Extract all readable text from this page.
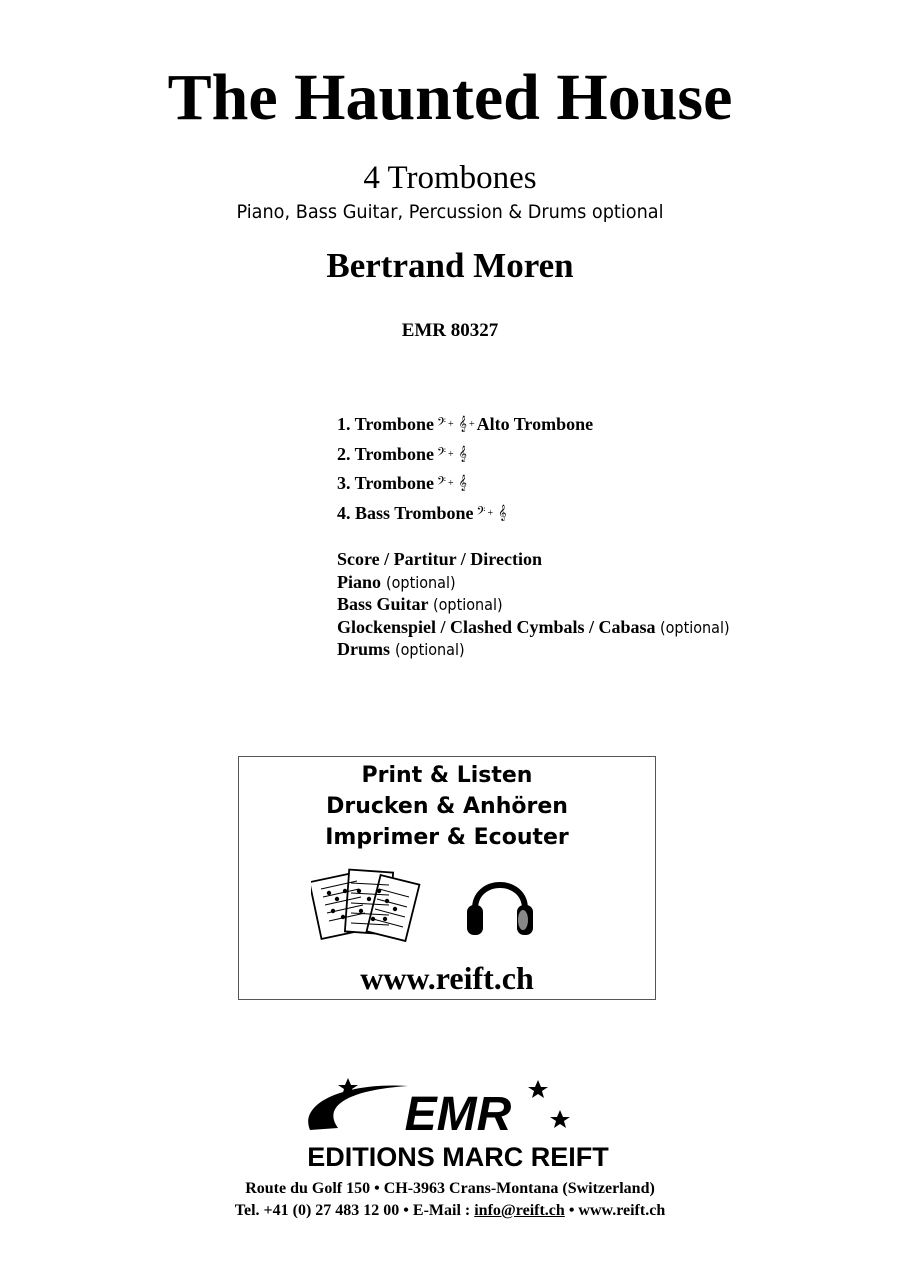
The Haunted House
4 Trombones
Piano, Bass Guitar, Percussion & Drums optional
Bertrand Moren
EMR 80327
1. Trombone 𝄢 + 𝄞 + Alto Trombone
2. Trombone 𝄢 + 𝄞
3. Trombone 𝄢 + 𝄞
4. Bass Trombone 𝄢 + 𝄞
Score / Partitur / Direction
Piano (optional)
Bass Guitar (optional)
Glockenspiel / Clashed Cymbals / Cabasa (optional)
Drums (optional)
Print & Listen
Drucken & Anhören
Imprimer & Ecouter
www.reift.ch
EMR
EDITIONS MARC REIFT
Route du Golf 150 • CH-3963 Crans-Montana (Switzerland)
Tel. +41 (0) 27 483 12 00 • E-Mail : info@reift.ch • www.reift.ch
